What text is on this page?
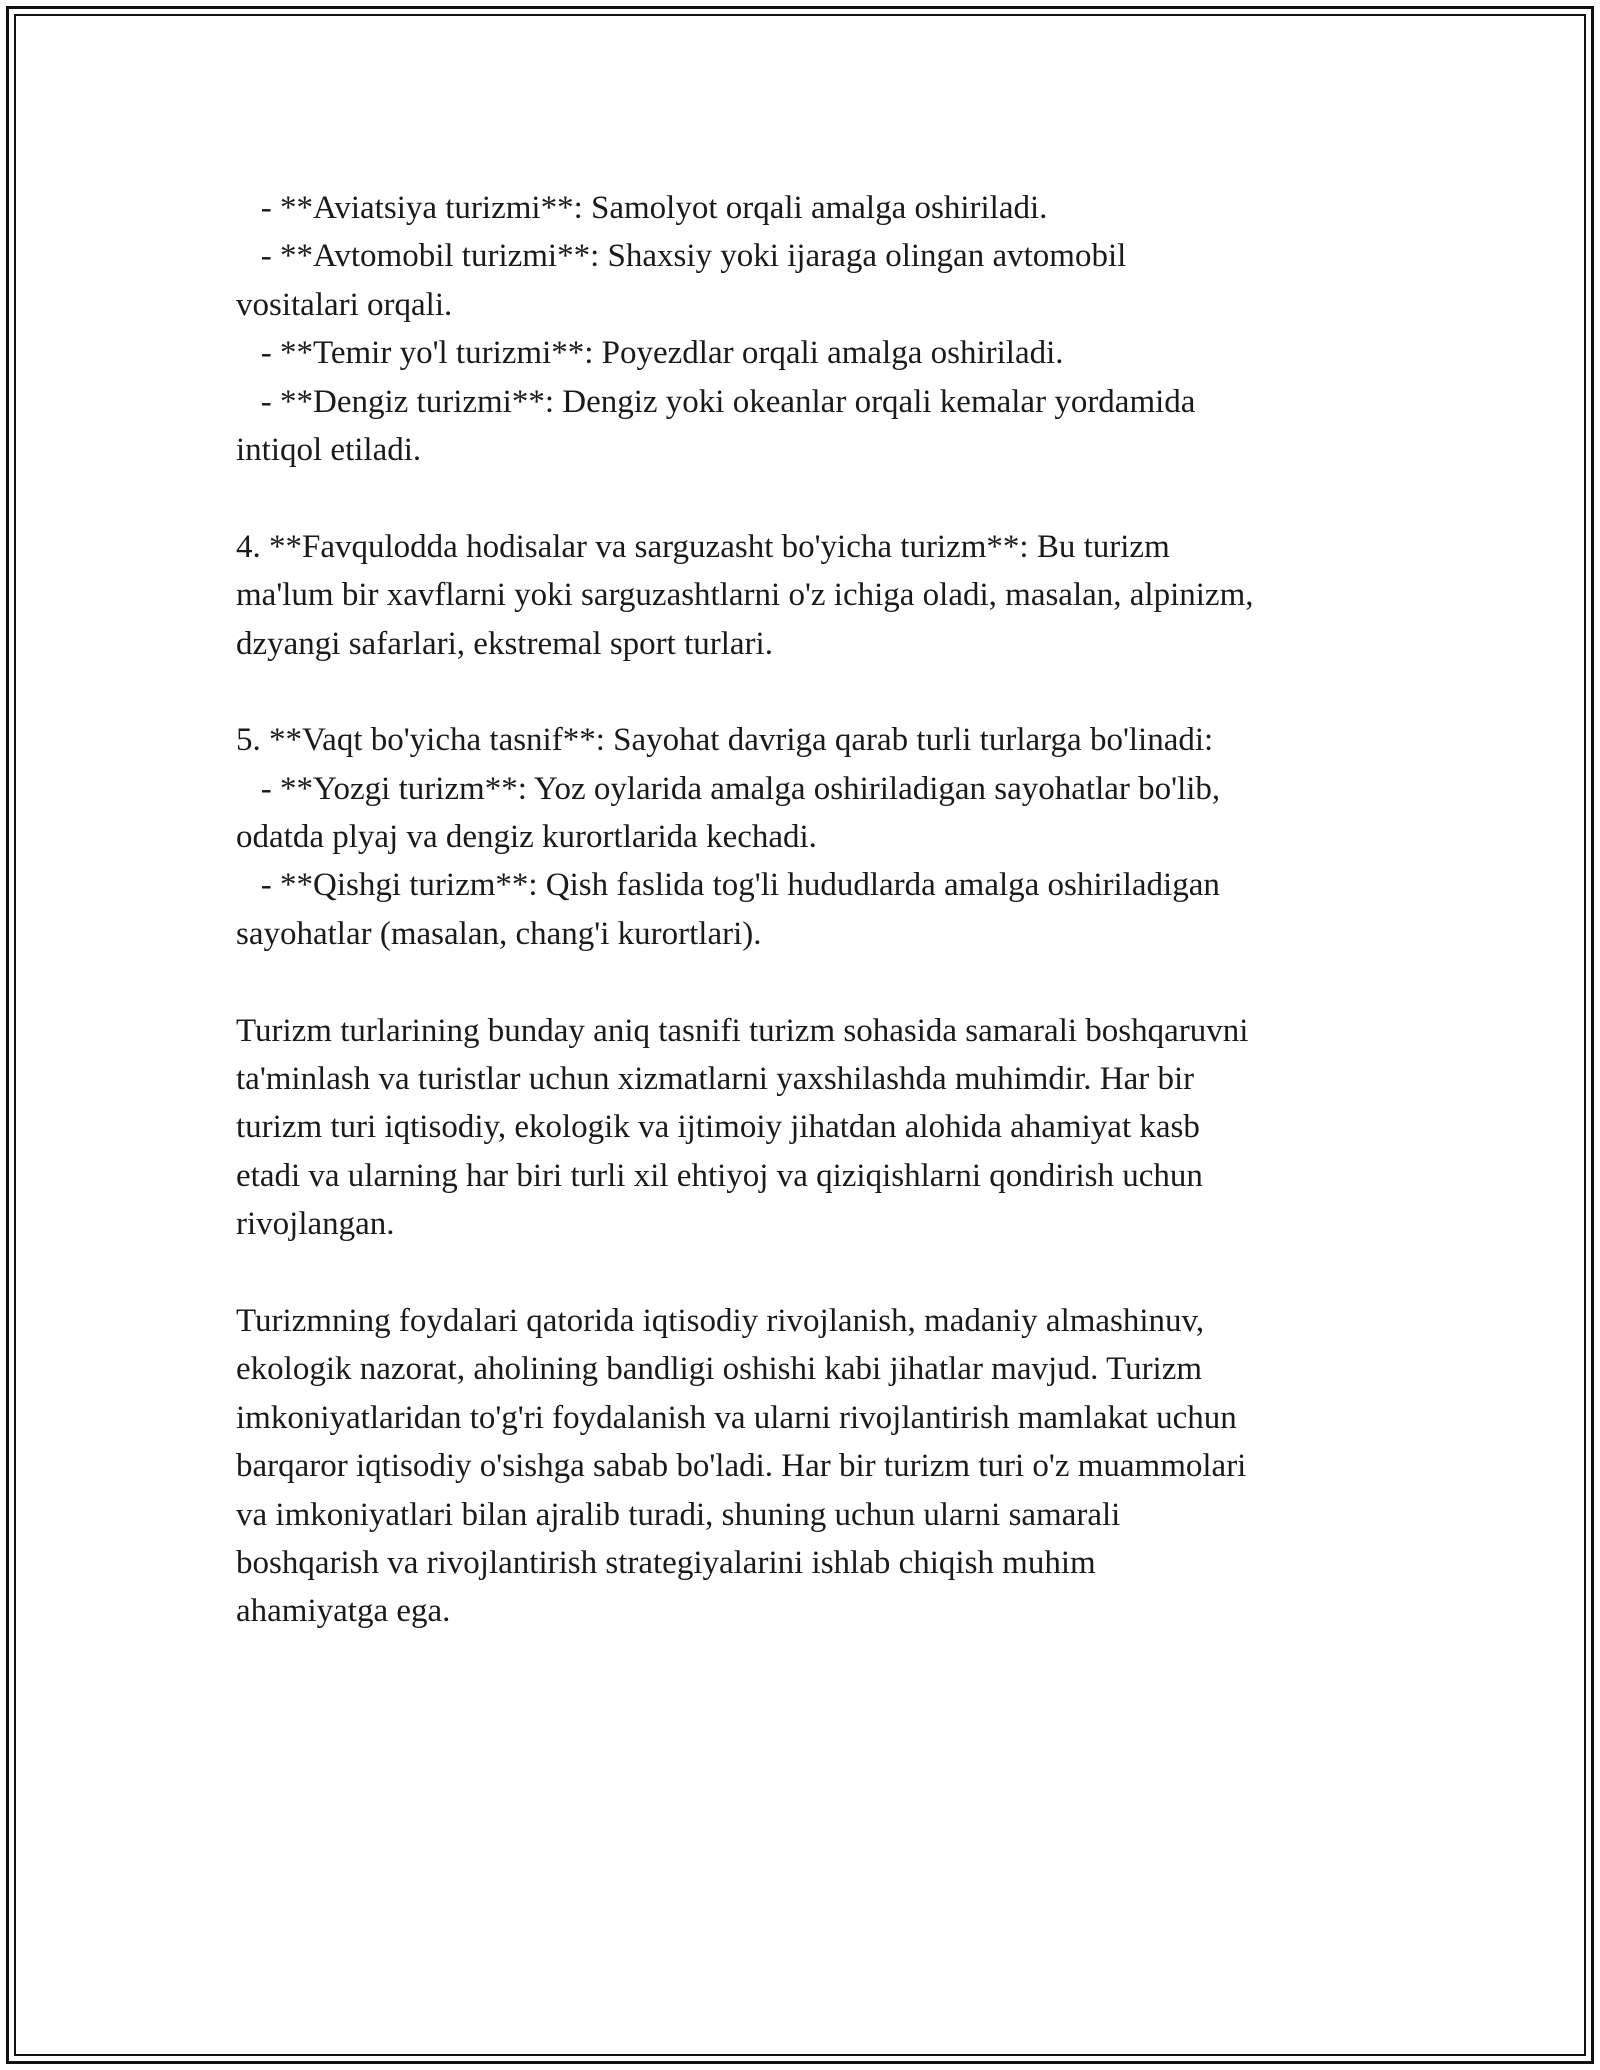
- **Aviatsiya turizmi**: Samolyot orqali amalga oshiriladi.
- **Avtomobil turizmi**: Shaxsiy yoki ijaraga olingan avtomobil
vositalari orqali.
- **Temir yo'l turizmi**: Poyezdlar orqali amalga oshiriladi.
- **Dengiz turizmi**: Dengiz yoki okeanlar orqali kemalar yordamida
intiqol etiladi.
4. **Favqulodda hodisalar va sarguzasht bo'yicha turizm**: Bu turizm
ma'lum bir xavflarni yoki sarguzashtlarni o'z ichiga oladi, masalan, alpinizm,
dzyangi safarlari, ekstremal sport turlari.
5. **Vaqt bo'yicha tasnif**: Sayohat davriga qarab turli turlarga bo'linadi:
- **Yozgi turizm**: Yoz oylarida amalga oshiriladigan sayohatlar bo'lib,
odatda plyaj va dengiz kurortlarida kechadi.
- **Qishgi turizm**: Qish faslida tog'li hududlarda amalga oshiriladigan
sayohatlar (masalan, chang'i kurortlari).
Turizm turlarining bunday aniq tasnifi turizm sohasida samarali boshqaruvni
ta'minlash va turistlar uchun xizmatlarni yaxshilashda muhimdir. Har bir
turizm turi iqtisodiy, ekologik va ijtimoiy jihatdan alohida ahamiyat kasb
etadi va ularning har biri turli xil ehtiyoj va qiziqishlarni qondirish uchun
rivojlangan.
Turizmning foydalari qatorida iqtisodiy rivojlanish, madaniy almashinuv,
ekologik nazorat, aholining bandligi oshishi kabi jihatlar mavjud. Turizm
imkoniyatlaridan to'g'ri foydalanish va ularni rivojlantirish mamlakat uchun
barqaror iqtisodiy o'sishga sabab bo'ladi. Har bir turizm turi o'z muammolari
va imkoniyatlari bilan ajralib turadi, shuning uchun ularni samarali
boshqarish va rivojlantirish strategiyalarini ishlab chiqish muhim
ahamiyatga ega.
